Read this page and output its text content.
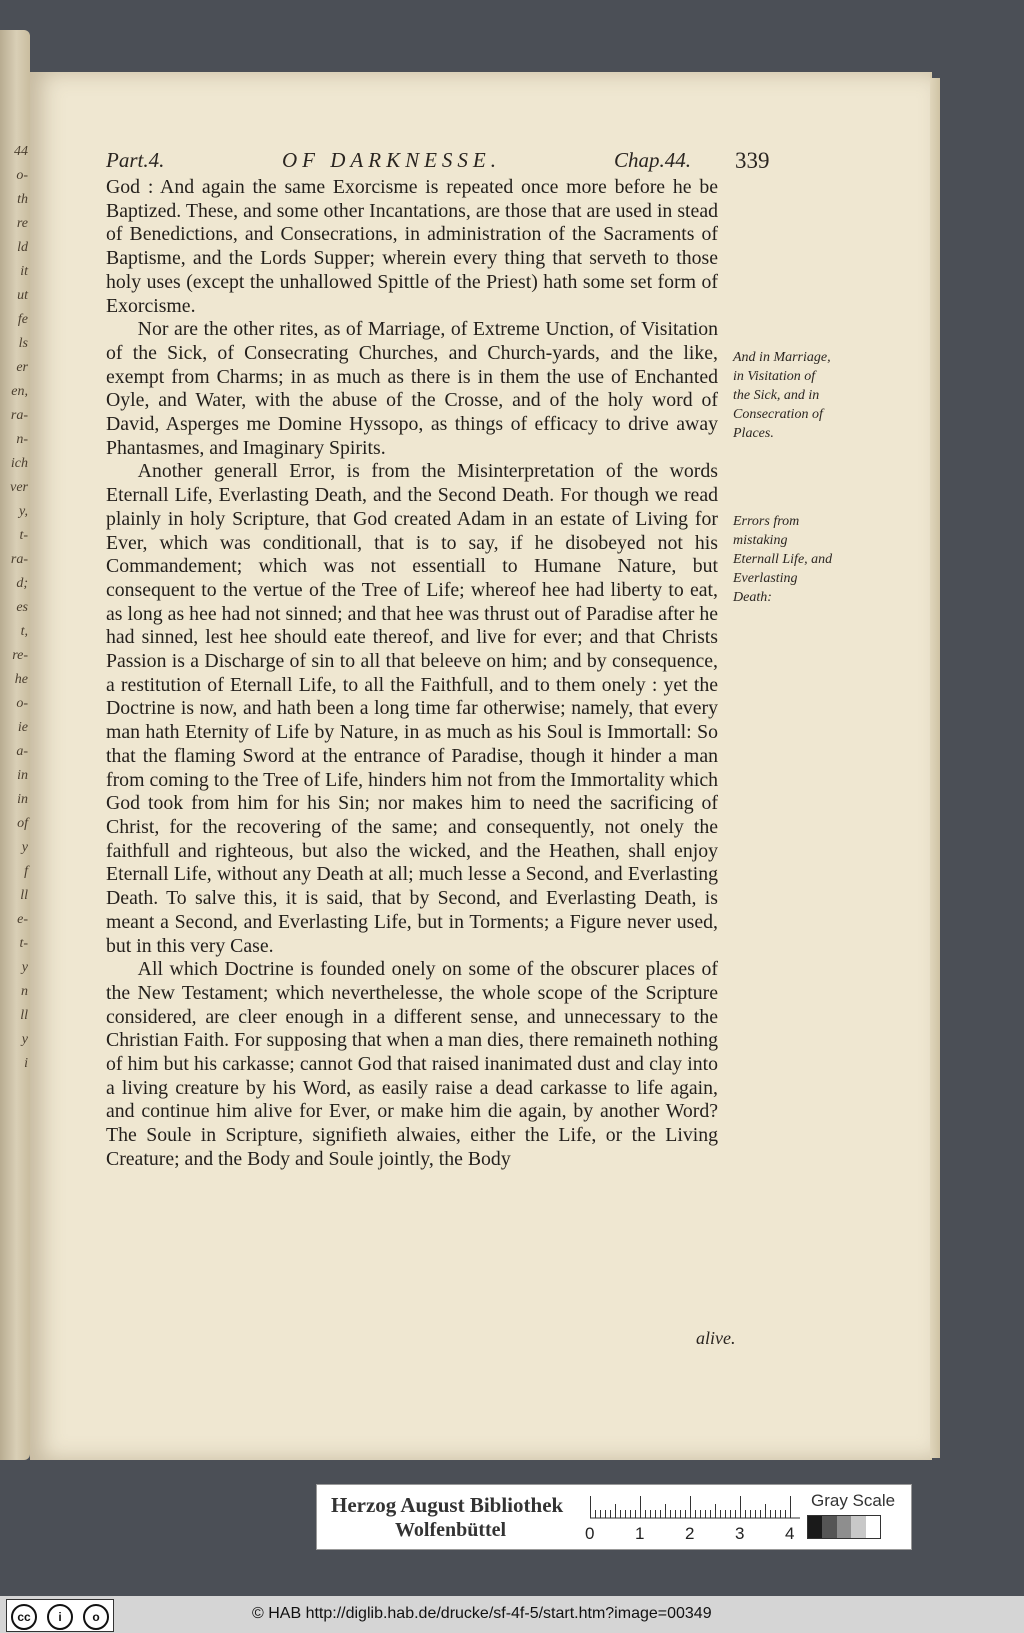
44
o-
th
re
ld
it
ut
fe
ls
er
en,
ra-
n-
ich
ver
y,
t-
ra-
d;
es
t,
re-
he
o-
ie
a-
in
in
of
y
f
ll
e-
t-
y
n
ll
y
i
Part.4.	OF DARKNESSE.	Chap.44. 339

God : And again the same Exorcisme is repeated once more before he be Baptized. These, and some other Incantations, are those that are used in stead of Benedictions, and Consecrations, in administration of the Sacraments of Baptisme, and the Lords Supper; wherein every thing that serveth to those holy uses (except the unhallowed Spittle of the Priest) hath some set form of Exorcisme.

Nor are the other rites, as of Marriage, of Extreme Unction, of Visitation of the Sick, of Consecrating Churches, and Church-yards, and the like, exempt from Charms; in as much as there is in them the use of Enchanted Oyle, and Water, with the abuse of the Crosse, and of the holy word of David, Asperges me Domine Hyssopo, as things of efficacy to drive away Phantasmes, and Imaginary Spirits.

Another generall Error, is from the Misinterpretation of the words Eternall Life, Everlasting Death, and the Second Death. For though we read plainly in holy Scripture, that God created Adam in an estate of Living for Ever, which was conditionall, that is to say, if he disobeyed not his Commandement; which was not essentiall to Humane Nature, but consequent to the vertue of the Tree of Life; whereof hee had liberty to eat, as long as hee had not sinned; and that hee was thrust out of Paradise after he had sinned, lest hee should eate thereof, and live for ever; and that Christs Passion is a Discharge of sin to all that beleeve on him; and by consequence, a restitution of Eternall Life, to all the Faithfull, and to them onely : yet the Doctrine is now, and hath been a long time far otherwise; namely, that every man hath Eternity of Life by Nature, in as much as his Soul is Immortall: So that the flaming Sword at the entrance of Paradise, though it hinder a man from coming to the Tree of Life, hinders him not from the Immortality which God took from him for his Sin; nor makes him to need the sacrificing of Christ, for the recovering of the same; and consequently, not onely the faithfull and righteous, but also the wicked, and the Heathen, shall enjoy Eternall Life, without any Death at all; much lesse a Second, and Everlasting Death. To salve this, it is said, that by Second, and Everlasting Death, is meant a Second, and Everlasting Life, but in Torments; a Figure never used, but in this very Case.

All which Doctrine is founded onely on some of the obscurer places of the New Testament; which neverthelesse, the whole scope of the Scripture considered, are cleer enough in a different sense, and unnecessary to the Christian Faith. For supposing that when a man dies, there remaineth nothing of him but his carkasse; cannot God that raised inanimated dust and clay into a living creature by his Word, as easily raise a dead carkasse to life again, and continue him alive for Ever, or make him die again, by another Word? The Soule in Scripture, signifieth alwaies, either the Life, or the Living Creature; and the Body and Soule jointly, the Body

And in Marriage, in Visitation of the Sick, and in Consecration of Places.
Errors from mistaking Eternall Life, and Everlasting Death:
alive.
Herzog August Bibliothek
Wolfenbüttel	0 1 2 3 4
Gray Scale
cc	i	o	© HAB http://diglib.hab.de/drucke/sf-4f-5/start.htm?image=00349
